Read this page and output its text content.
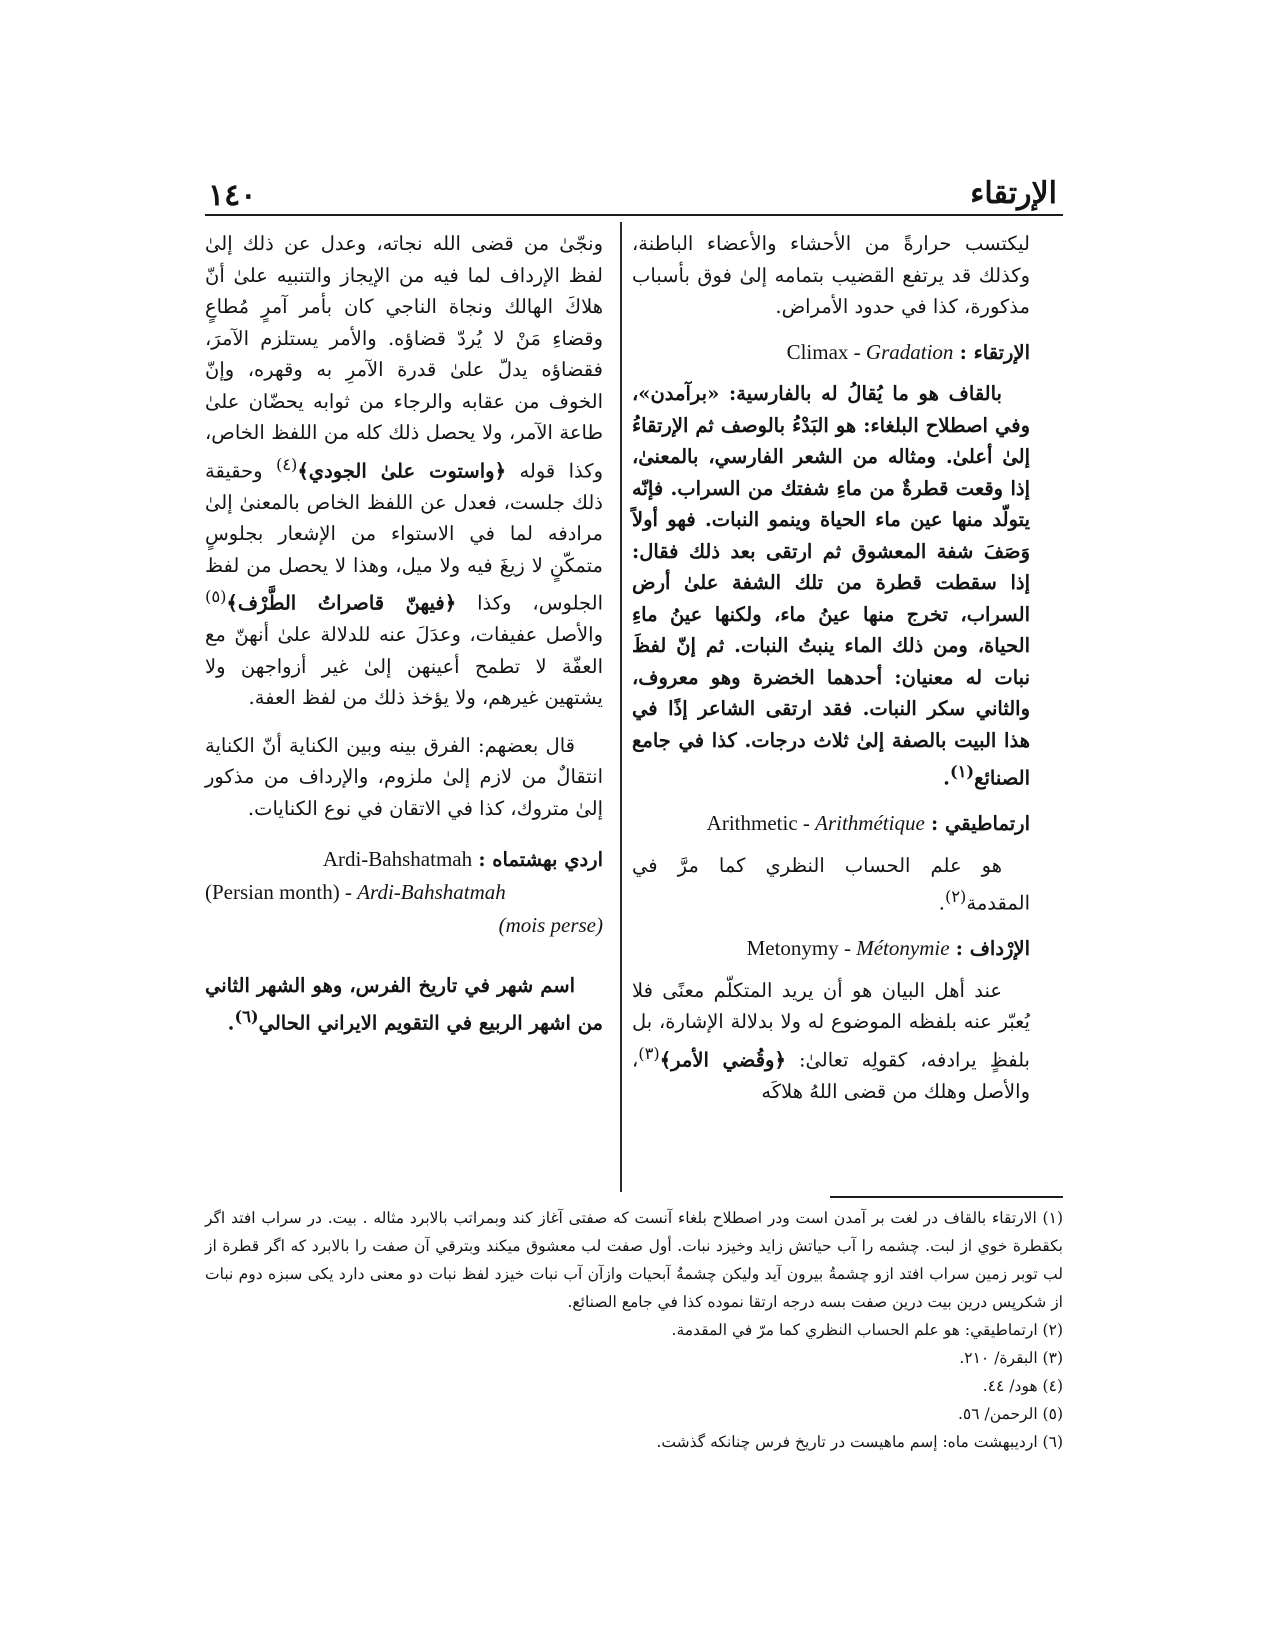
١٤٠	الإرتقاء

ليكتسب حرارةً من الأحشاء والأعضاء الباطنة، وكذلك قد يرتفع القضيب بتمامه إلىٰ فوق بأسباب مذكورة، كذا في حدود الأمراض.

الإرتقاء : Climax - Gradation

بالقاف هو ما يُقالُ له بالفارسية: «برآمدن»، وفي اصطلاح البلغاء: هو البَدْءُ بالوصف ثم الإرتقاءُ إلىٰ أعلىٰ. ومثاله من الشعر الفارسي، بالمعنىٰ، إذا وقعت قطرةٌ من ماءِ شفتك من السراب. فإنّه يتولّد منها عين ماء الحياة وينمو النبات. فهو أولاً وَصَفَ شفة المعشوق ثم ارتقى بعد ذلك فقال: إذا سقطت قطرة من تلك الشفة علىٰ أرض السراب، تخرج منها عينُ ماء، ولكنها عينُ ماءِ الحياة، ومن ذلك الماء ينبتُ النبات. ثم إنّ لفظَ نبات له معنيان: أحدهما الخضرة وهو معروف، والثاني سكر النبات. فقد ارتقى الشاعر إذًا في هذا البيت بالصفة إلىٰ ثلاث درجات. كذا في جامع الصنائع$^{(١)}$.

ارتماطيقي : Arithmetic - Arithmétique

هو علم الحساب النظري كما مرَّ في المقدمة$^{(٢)}$.

الإرْداف : Metonymy - Métonymie

عند أهل البيان هو أن يريد المتكلّم معنًى فلا يُعبّر عنه بلفظه الموضوع له ولا بدلالة الإشارة، بل بلفظٍ يرادفه، كقولِه تعالىٰ: ﴿وقُضي الأمر﴾$^{(٣)}$، والأصل وهلك من قضى اللهُ هلاكَه

ونجّىٰ من قضى الله نجاته، وعدل عن ذلك إلىٰ لفظ الإرداف لما فيه من الإيجاز والتنبيه علىٰ أنّ هلاكَ الهالك ونجاة الناجي كان بأمر آمرٍ مُطاعٍ وقضاءِ مَنْ لا يُردّ قضاؤه. والأمر يستلزم الآمرَ، فقضاؤه يدلّ علىٰ قدرة الآمرِ به وقهره، وإنّ الخوف من عقابه والرجاء من ثوابه يحضّان علىٰ طاعة الآمر، ولا يحصل ذلك كله من اللفظ الخاص، وكذا قوله ﴿واستوت علىٰ الجودي﴾$^{(٤)}$ وحقيقة ذلك جلست، فعدل عن اللفظ الخاص بالمعنىٰ إلىٰ مرادفه لما في الاستواء من الإشعار بجلوسٍ متمكّنٍ لا زيغَ فيه ولا ميل، وهذا لا يحصل من لفظ الجلوس، وكذا ﴿فيهنّ قاصراتُ الطَّرْف﴾$^{(٥)}$ والأصل عفيفات، وعدَلَ عنه للدلالة علىٰ أنهنّ مع العفّة لا تطمح أعينهن إلىٰ غير أزواجهن ولا يشتهين غيرهم، ولا يؤخذ ذلك من لفظ العفة.

قال بعضهم: الفرق بينه وبين الكناية أنّ الكناية انتقالٌ من لازم إلىٰ ملزوم، والإرداف من مذكور إلىٰ متروك، كذا في الاتقان في نوع الكنايات.

اردي بهشتماه : Ardi-Bahshatmah
(Persian month) - Ardi-Bahshatmah
(mois perse)

اسم شهر في تاريخ الفرس، وهو الشهر الثاني من اشهر الربيع في التقويم الايراني الحالي$^{(٦)}$.

(١) الارتقاء بالقاف در لغت بر آمدن است ودر اصطلاح بلغاء آنست كه صفتى آغاز كند وبمراتب بالابرد مثاله . بيت. در سراب افتد اگر بكقطرة خوي از لبت. چشمه را آب حياتش زايد وخيزد نبات. أول صفت لب معشوق ميكند وبترقي آن صفت را بالابرد كه اگر قطرة از لب توبر زمين سراب افتد ازو چشمةُ بيرون آيد وليكن چشمةُ آبحيات وازآن آب نبات خيزد لفظ نبات دو معنى دارد يكى سبزه دوم نبات از شكرپس درين بيت درين صفت بسه درجه ارتقا نموده كذا في جامع الصنائع.

(٢) ارتماطيقي: هو علم الحساب النظري كما مرّ في المقدمة.

(٣) البقرة/ ٢١٠.

(٤) هود/ ٤٤.

(٥) الرحمن/ ٥٦.

(٦) ارديبهشت ماه: إسم ماهيست در تاريخ فرس چنانكه گذشت.
